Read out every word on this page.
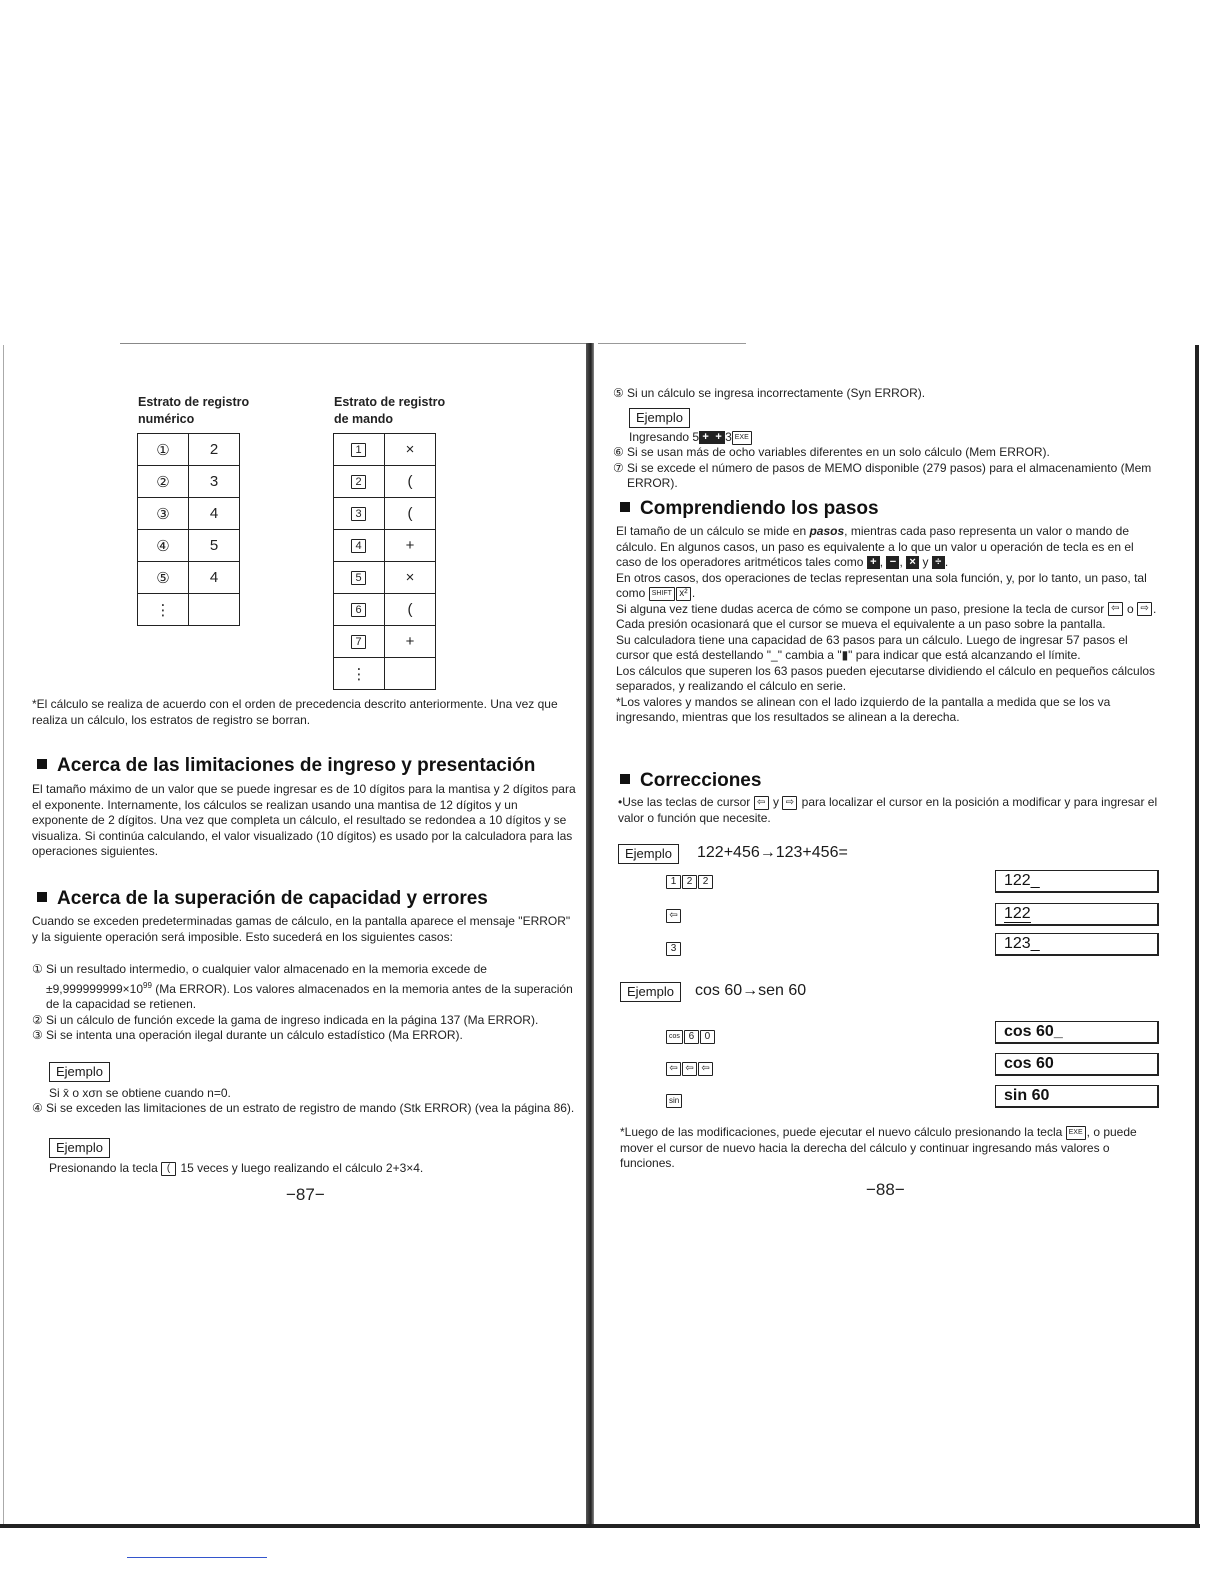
Estrato de registro
numérico
Estrato de registro
de mando
①	2
②	3
③	4
④	5
⑤	4
⋮	
1	×
2	(
3	(
4	+
5	×
6	(
7	+
⋮	
*El cálculo se realiza de acuerdo con el orden de precedencia descrito anteriormente. Una vez que realiza un cálculo, los estratos de registro se borran.
Acerca de las limitaciones de ingreso y presentación
El tamaño máximo de un valor que se puede ingresar es de 10 dígitos para la mantisa y 2 dígitos para el exponente. Internamente, los cálculos se realizan usando una mantisa de 12 dígitos y un exponente de 2 dígitos. Una vez que completa un cálculo, el resultado se redondea a 10 dígitos y se visualiza. Si continúa calculando, el valor visualizado (10 dígitos) es usado por la calculadora para las operaciones siguientes.
Acerca de la superación de capacidad y errores
Cuando se exceden predeterminadas gamas de cálculo, en la pantalla aparece el mensaje "ERROR" y la siguiente operación será imposible. Esto sucederá en los siguientes casos:
① Si un resultado intermedio, o cualquier valor almacenado en la memoria excede de
$\pm 9,999999999\times 10^{99}$ (Ma ERROR). Los valores almacenados en la memoria antes de la superación de la capacidad se retienen.
② Si un cálculo de función excede la gama de ingreso indicada en la página 137 (Ma ERROR).
③ Si se intenta una operación ilegal durante un cálculo estadístico (Ma ERROR).
Ejemplo
Si x̄ o xσn se obtiene cuando n=0.
④ Si se exceden las limitaciones de un estrato de registro de mando (Stk ERROR) (vea la página 86).
Ejemplo
Presionando la tecla ( 15 veces y luego realizando el cálculo 2+3×4.
−87−
⑤ Si un cálculo se ingresa incorrectamente (Syn ERROR).
Ejemplo
Ingresando 5 + + 3 EXE
⑥ Si se usan más de ocho variables diferentes en un solo cálculo (Mem ERROR).
⑦ Si se excede el número de pasos de MEMO disponible (279 pasos) para el almacenamiento (Mem ERROR).
Comprendiendo los pasos
El tamaño de un cálculo se mide en pasos, mientras cada paso representa un valor o mando de cálculo. En algunos casos, un paso es equivalente a lo que un valor u operación de tecla es en el caso de los operadores aritméticos tales como + , − , × y ÷ .
En otros casos, dos operaciones de teclas representan una sola función, y, por lo tanto, un paso, tal como SHIFT x² .
Si alguna vez tiene dudas acerca de cómo se compone un paso, presione la tecla de cursor ⇦ o ⇨ . Cada presión ocasionará que el cursor se mueva el equivalente a un paso sobre la pantalla.
Su calculadora tiene una capacidad de 63 pasos para un cálculo. Luego de ingresar 57 pasos el cursor que está destellando "_" cambia a "▮" para indicar que está alcanzando el límite.
Los cálculos que superen los 63 pasos pueden ejecutarse dividiendo el cálculo en pequeños cálculos separados, y realizando el cálculo en serie.
*Los valores y mandos se alinean con el lado izquierdo de la pantalla a medida que se los va ingresando, mientras que los resultados se alinean a la derecha.
Correcciones
•Use las teclas de cursor ⇦ y ⇨ para localizar el cursor en la posición a modificar y para ingresar el valor o función que necesite.
Ejemplo	122+456→123+456=
1 2 2	122_
⇦	122
3	123_
Ejemplo	cos 60→sen 60
cos 6 0	cos 60_
⇦ ⇦ ⇦	cos 60
sin	sin 60
*Luego de las modificaciones, puede ejecutar el nuevo cálculo presionando la tecla EXE , o puede mover el cursor de nuevo hacia la derecha del cálculo y continuar ingresando más valores o funciones.
−88−
